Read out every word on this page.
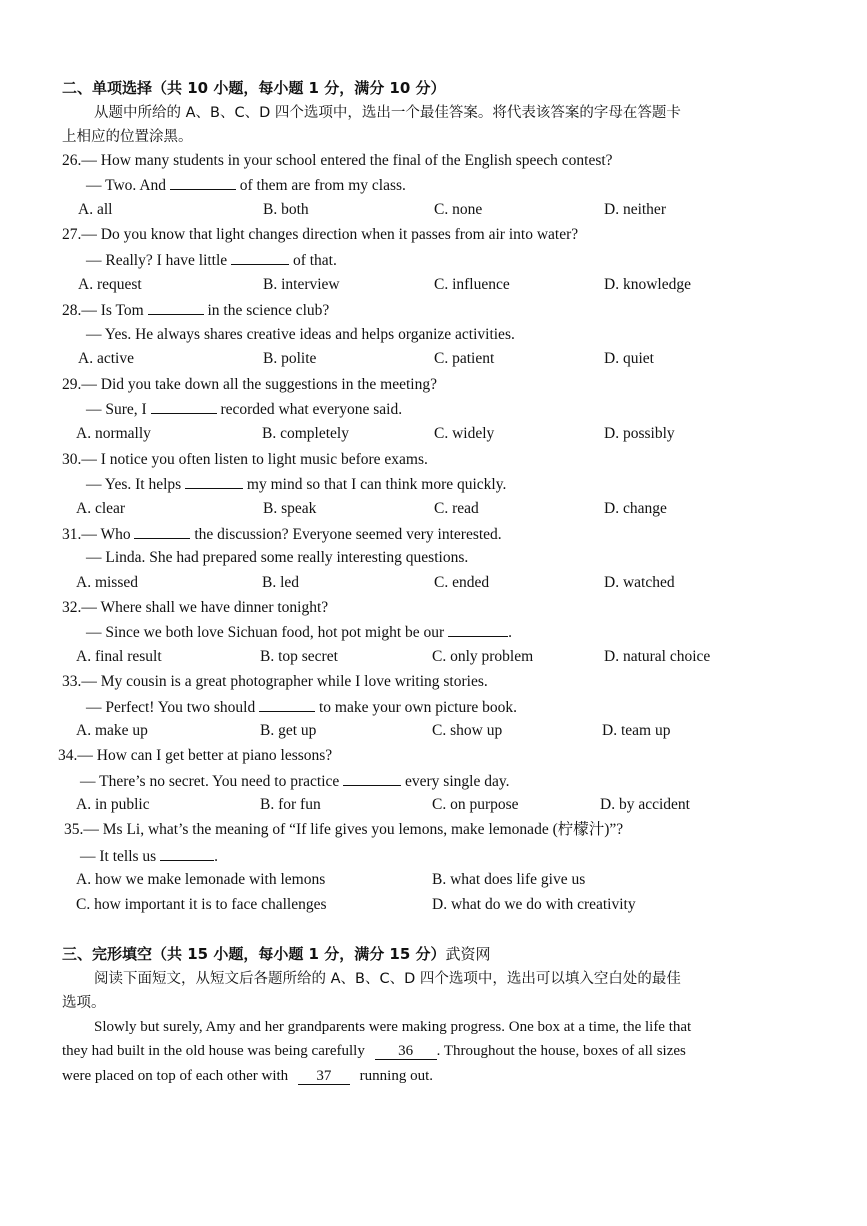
二、单项选择（共 10 小题，每小题 1 分，满分 10 分）
从题中所给的 A、B、C、D 四个选项中，选出一个最佳答案。将代表该答案的字母在答题卡
上相应的位置涂黑。
26.— How many students in your school entered the final of the English speech contest?
— Two. And	of them are from my class.
A. all	B. both	C. none	D. neither
27.— Do you know that light changes direction when it passes from air into water?
— Really? I have little	of that.
A. request	B. interview	C. influence	D. knowledge
28.— Is Tom	in the science club?
— Yes. He always shares creative ideas and helps organize activities.
A. active	B. polite	C. patient	D. quiet
29.— Did you take down all the suggestions in the meeting?
— Sure, I	recorded what everyone said.
A. normally	B. completely	C. widely	D. possibly
30.— I notice you often listen to light music before exams.
— Yes. It helps	my mind so that I can think more quickly.
A. clear	B. speak	C. read	D. change
31.— Who	the discussion? Everyone seemed very interested.
— Linda. She had prepared some really interesting questions.
A. missed	B. led	C. ended	D. watched
32.— Where shall we have dinner tonight?
— Since we both love Sichuan food, hot pot might be our	.
A. final result	B. top secret	C. only problem	D. natural choice
33.— My cousin is a great photographer while I love writing stories.
— Perfect! You two should	to make your own picture book.
A. make up	B. get up	C. show up	D. team up
34.— How can I get better at piano lessons?
— There’s no secret. You need to practice	every single day.
A. in public	B. for fun	C. on purpose	D. by accident
35.— Ms Li, what’s the meaning of “If life gives you lemons, make lemonade (柠檬汁)”?
— It tells us	.
A. how we make lemonade with lemons	B. what does life give us
C. how important it is to face challenges	D. what do we do with creativity
三、完形填空（共 15 小题，每小题 1 分，满分 15 分）武资网
阅读下面短文，从短文后各题所给的 A、B、C、D 四个选项中，选出可以填入空白处的最佳
选项。
Slowly but surely, Amy and her grandparents were making progress. One box at a time, the life that
they had built in the old house was being carefully 36 . Throughout the house, boxes of all sizes
were placed on top of each other with 37 running out.
